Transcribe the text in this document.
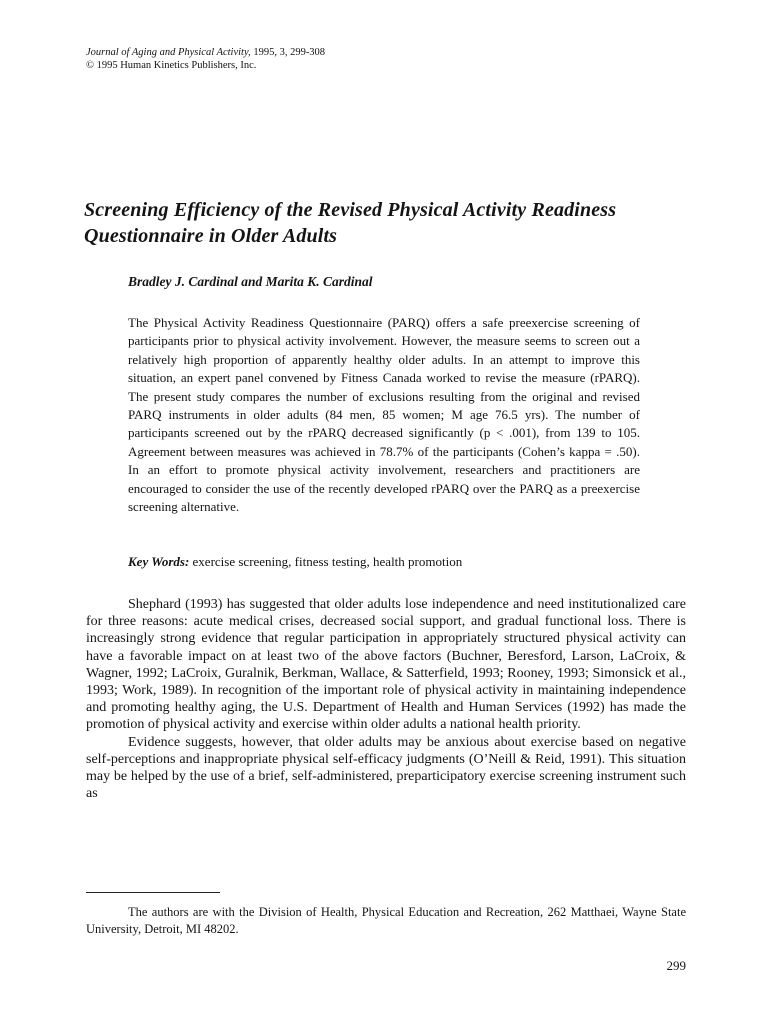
Journal of Aging and Physical Activity, 1995, 3, 299-308
© 1995 Human Kinetics Publishers, Inc.
Screening Efficiency of the Revised Physical Activity Readiness Questionnaire in Older Adults
Bradley J. Cardinal and Marita K. Cardinal

The Physical Activity Readiness Questionnaire (PARQ) offers a safe preexercise screening of participants prior to physical activity involvement. However, the measure seems to screen out a relatively high proportion of apparently healthy older adults. In an attempt to improve this situation, an expert panel convened by Fitness Canada worked to revise the measure (rPARQ). The present study compares the number of exclusions resulting from the original and revised PARQ instruments in older adults (84 men, 85 women; M age 76.5 yrs). The number of participants screened out by the rPARQ decreased significantly (p < .001), from 139 to 105. Agreement between measures was achieved in 78.7% of the participants (Cohen’s kappa = .50). In an effort to promote physical activity involvement, researchers and practitioners are encouraged to consider the use of the recently developed rPARQ over the PARQ as a preexercise screening alternative.

Key Words: exercise screening, fitness testing, health promotion

Shephard (1993) has suggested that older adults lose independence and need institutionalized care for three reasons: acute medical crises, decreased social support, and gradual functional loss. There is increasingly strong evidence that regular participation in appropriately structured physical activity can have a favorable impact on at least two of the above factors (Buchner, Beresford, Larson, LaCroix, & Wagner, 1992; LaCroix, Guralnik, Berkman, Wallace, & Satterfield, 1993; Rooney, 1993; Simonsick et al., 1993; Work, 1989). In recognition of the important role of physical activity in maintaining independence and promoting healthy aging, the U.S. Department of Health and Human Services (1992) has made the promotion of physical activity and exercise within older adults a national health priority.

Evidence suggests, however, that older adults may be anxious about exercise based on negative self-perceptions and inappropriate physical self-efficacy judgments (O’Neill & Reid, 1991). This situation may be helped by the use of a brief, self-administered, preparticipatory exercise screening instrument such as

The authors are with the Division of Health, Physical Education and Recreation, 262 Matthaei, Wayne State University, Detroit, MI 48202.

299
